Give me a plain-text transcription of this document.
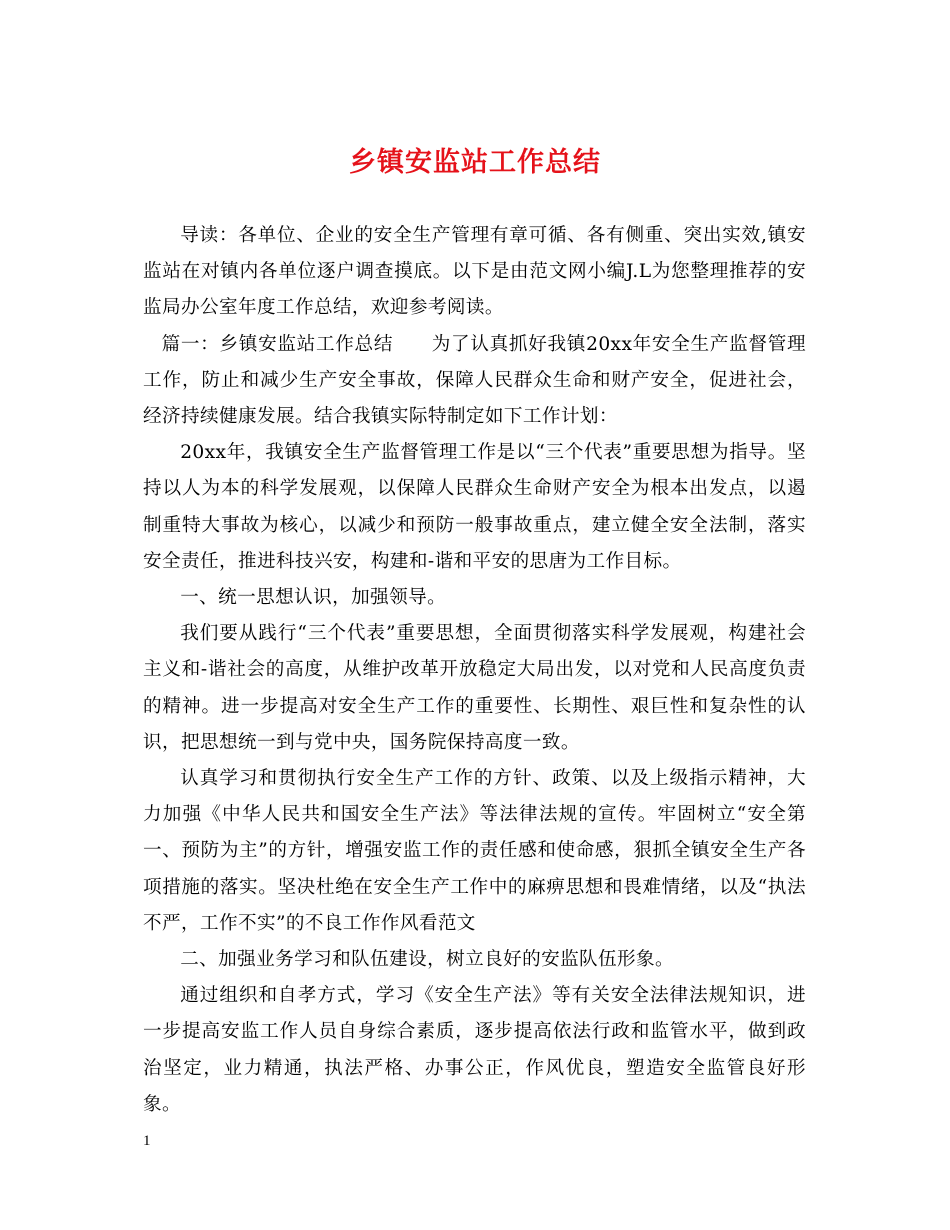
乡镇安监站工作总结

导读：各单位、企业的安全生产管理有章可循、各有侧重、突出实效,镇安监站在对镇内各单位逐户调查摸底。以下是由范文网小编J.L为您整理推荐的安监局办公室年度工作总结，欢迎参考阅读。

篇一：乡镇安监站工作总结　　为了认真抓好我镇20xx年安全生产监督管理工作，防止和减少生产安全事故，保障人民群众生命和财产安全，促进社会，经济持续健康发展。结合我镇实际特制定如下工作计划：

20xx年，我镇安全生产监督管理工作是以“三个代表”重要思想为指导。坚持以人为本的科学发展观，以保障人民群众生命财产安全为根本出发点，以遏制重特大事故为核心，以减少和预防一般事故重点，建立健全安全法制，落实安全责任，推进科技兴安，构建和-谐和平安的思唐为工作目标。

一、统一思想认识，加强领导。

我们要从践行“三个代表”重要思想，全面贯彻落实科学发展观，构建社会主义和-谐社会的高度，从维护改革开放稳定大局出发，以对党和人民高度负责的精神。进一步提高对安全生产工作的重要性、长期性、艰巨性和复杂性的认识，把思想统一到与党中央，国务院保持高度一致。

认真学习和贯彻执行安全生产工作的方针、政策、以及上级指示精神，大力加强《中华人民共和国安全生产法》等法律法规的宣传。牢固树立“安全第一、预防为主”的方针，增强安监工作的责任感和使命感，狠抓全镇安全生产各项措施的落实。坚决杜绝在安全生产工作中的麻痹思想和畏难情绪，以及“执法不严，工作不实”的不良工作作风看范文

二、加强业务学习和队伍建设，树立良好的安监队伍形象。

通过组织和自孝方式，学习《安全生产法》等有关安全法律法规知识，进一步提高安监工作人员自身综合素质，逐步提高依法行政和监管水平，做到政治坚定，业力精通，执法严格、办事公正，作风优良，塑造安全监管良好形象。

1
